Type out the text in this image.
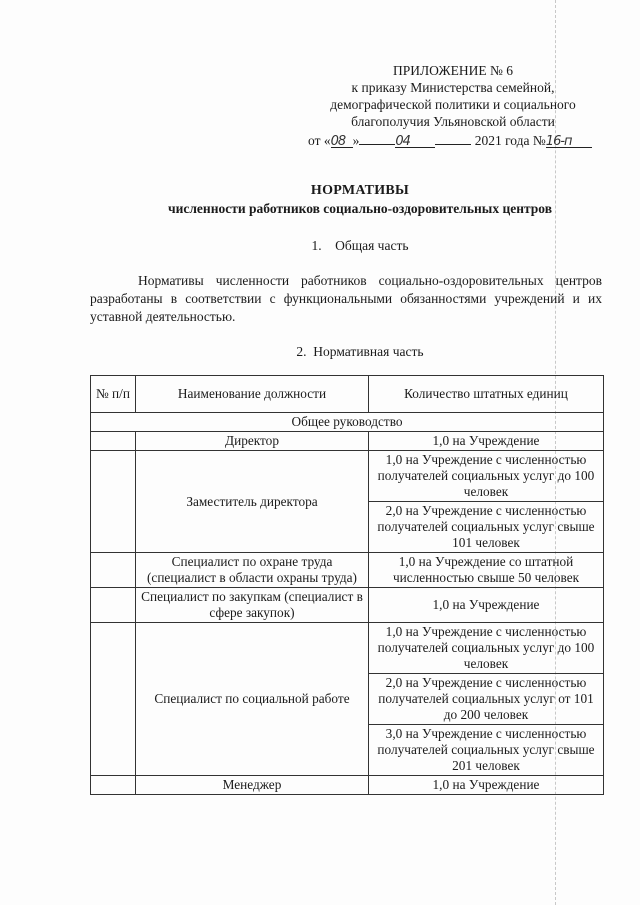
ПРИЛОЖЕНИЕ № 6
к приказу Министерства семейной,
демографической политики и социального
благополучия Ульяновской области
от «08 »	04	2021 года №16-п
НОРМАТИВЫ
численности работников социально-оздоровительных центров
1.    Общая часть
Нормативы численности работников социально-оздоровительных центров разработаны в соответствии с функциональными обязанностями учреждений и их уставной деятельностью.
2.  Нормативная часть
№ п/п	Наименование должности	Количество штатных единиц
Общее руководство		
	Директор	1,0 на Учреждение
	Заместитель директора	1,0 на Учреждение с численностью получателей социальных услуг до 100 человек
		2,0 на Учреждение с численностью получателей социальных услуг свыше 101 человек
	Специалист по охране труда (специалист в области охраны труда)	1,0 на Учреждение со штатной численностью свыше 50 человек
	Специалист по закупкам (специалист в сфере закупок)	1,0 на Учреждение
	Специалист по социальной работе	1,0 на Учреждение с численностью получателей социальных услуг до 100 человек
		2,0 на Учреждение с численностью получателей социальных услуг от 101 до 200 человек
		3,0 на Учреждение с численностью получателей социальных услуг свыше 201 человек
	Менеджер	1,0 на Учреждение
